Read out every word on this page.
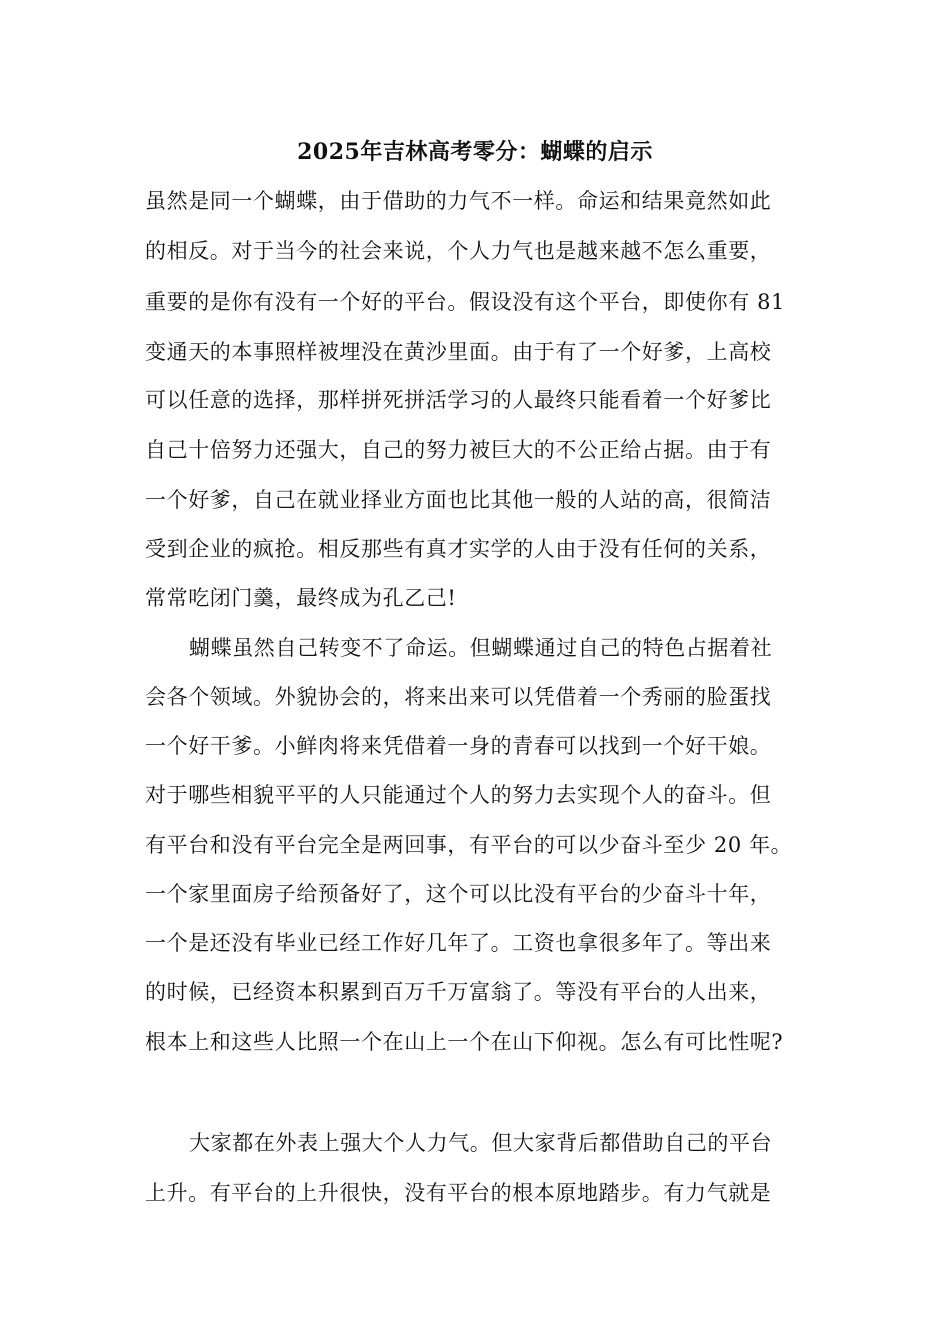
2025年吉林高考零分：蝴蝶的启示
虽然是同一个蝴蝶，由于借助的力气不一样。命运和结果竟然如此
的相反。对于当今的社会来说，个人力气也是越来越不怎么重要，
重要的是你有没有一个好的平台。假设没有这个平台，即使你有 81
变通天的本事照样被埋没在黄沙里面。由于有了一个好爹，上高校
可以任意的选择，那样拼死拼活学习的人最终只能看着一个好爹比
自己十倍努力还强大，自己的努力被巨大的不公正给占据。由于有
一个好爹，自己在就业择业方面也比其他一般的人站的高，很简洁
受到企业的疯抢。相反那些有真才实学的人由于没有任何的关系，
常常吃闭门羹，最终成为孔乙己!
蝴蝶虽然自己转变不了命运。但蝴蝶通过自己的特色占据着社
会各个领域。外貌协会的，将来出来可以凭借着一个秀丽的脸蛋找
一个好干爹。小鲜肉将来凭借着一身的青春可以找到一个好干娘。
对于哪些相貌平平的人只能通过个人的努力去实现个人的奋斗。但
有平台和没有平台完全是两回事，有平台的可以少奋斗至少 20 年。
一个家里面房子给预备好了，这个可以比没有平台的少奋斗十年，
一个是还没有毕业已经工作好几年了。工资也拿很多年了。等出来
的时候，已经资本积累到百万千万富翁了。等没有平台的人出来，
根本上和这些人比照一个在山上一个在山下仰视。怎么有可比性呢?
大家都在外表上强大个人力气。但大家背后都借助自己的平台
上升。有平台的上升很快，没有平台的根本原地踏步。有力气就是
